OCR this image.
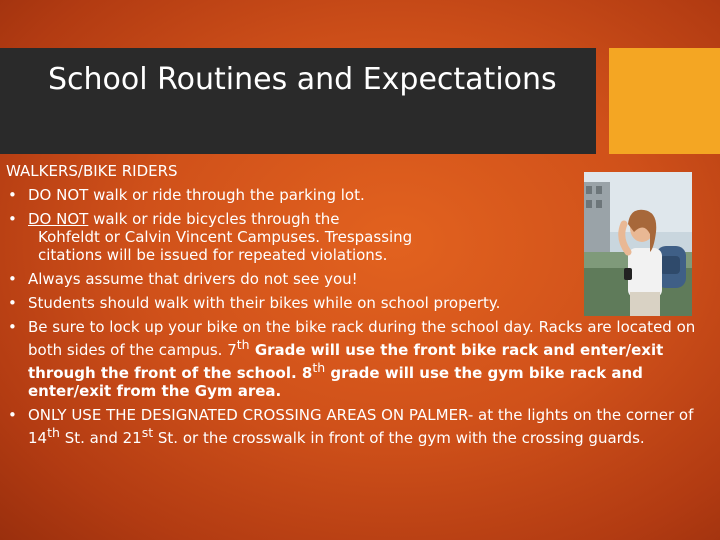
School Routines and Expectations

WALKERS/BIKE RIDERS

• DO NOT walk or ride through the parking lot.
• DO NOT walk or ride bicycles through the
Kohfeldt or Calvin Vincent Campuses. Trespassing
citations will be issued for repeated violations.
• Always assume that drivers do not see you!
• Students should walk with their bikes while on school property.
• Be sure to lock up your bike on the bike rack during the school day. Racks are located on both sides of the campus. 7th Grade will use the front bike rack and enter/exit through the front of the school. 8th grade will use the gym bike rack and enter/exit from the Gym area.
• ONLY USE THE DESIGNATED CROSSING AREAS ON PALMER- at the lights on the corner of 14th St. and 21st St. or the crosswalk in front of the gym with the crossing guards.
